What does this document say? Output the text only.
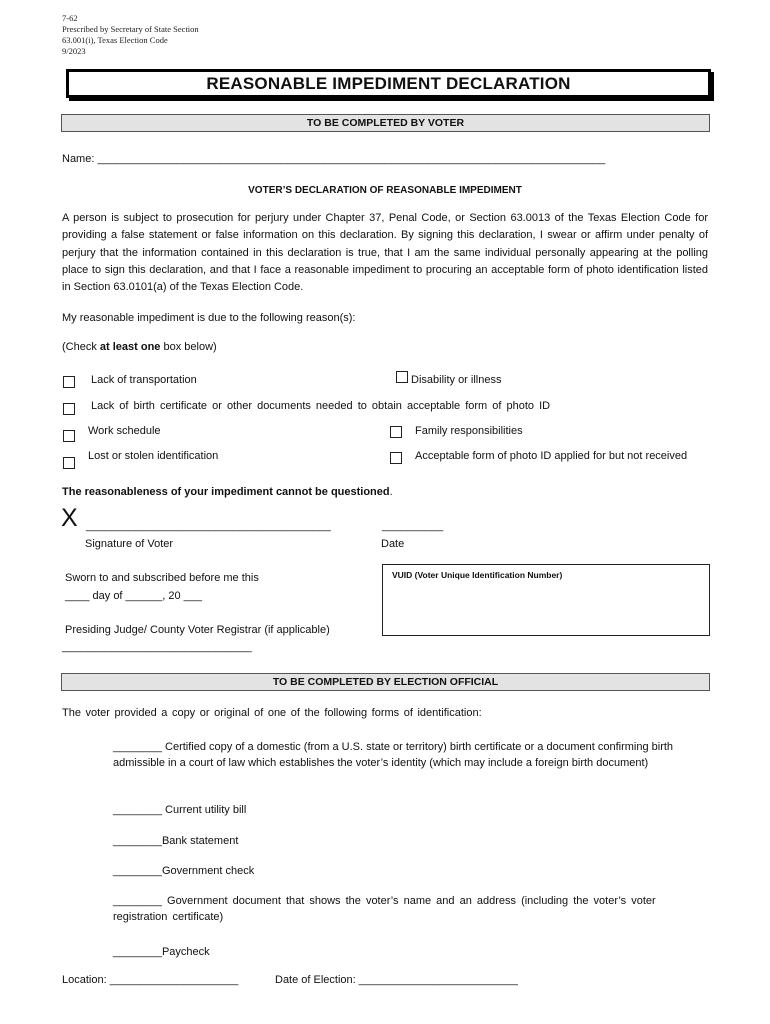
7-62
Prescribed by Secretary of State Section
63.001(i), Texas Election Code
9/2023
REASONABLE IMPEDIMENT DECLARATION
TO BE COMPLETED BY VOTER
Name: ___________________________________________________________________________________
VOTER’S DECLARATION OF REASONABLE IMPEDIMENT
A person is subject to prosecution for perjury under Chapter 37, Penal Code, or Section 63.0013 of the Texas Election Code for providing a false statement or false information on this declaration. By signing this declaration, I swear or affirm under penalty of perjury that the information contained in this declaration is true, that I am the same individual personally appearing at the polling place to sign this declaration, and that I face a reasonable impediment to procuring an acceptable form of photo identification listed in Section 63.0101(a) of the Texas Election Code.
My reasonable impediment is due to the following reason(s):
(Check at least one box below)
Lack of transportation	Disability or illness
Lack of birth certificate or other documents needed to obtain acceptable form of photo ID
Work schedule	Family responsibilities
Lost or stolen identification	Acceptable form of photo ID applied for but not received
The reasonableness of your impediment cannot be questioned.
X ________________________________________	__________
Signature of Voter	Date
Sworn to and subscribed before me this
____ day of ______, 20 ___
VUID (Voter Unique Identification Number)
Presiding Judge/ County Voter Registrar (if applicable)
_______________________________
TO BE COMPLETED BY ELECTION OFFICIAL
The voter provided a copy or original of one of the following forms of identification:
________ Certified copy of a domestic (from a U.S. state or territory) birth certificate or a document confirming birth admissible in a court of law which establishes the voter’s identity (which may include a foreign birth document)
________ Current utility bill
________Bank statement
________Government check
________ Government document that shows the voter’s name and an address (including the voter’s voter registration certificate)
________Paycheck
Location: _____________________	Date of Election: __________________________
